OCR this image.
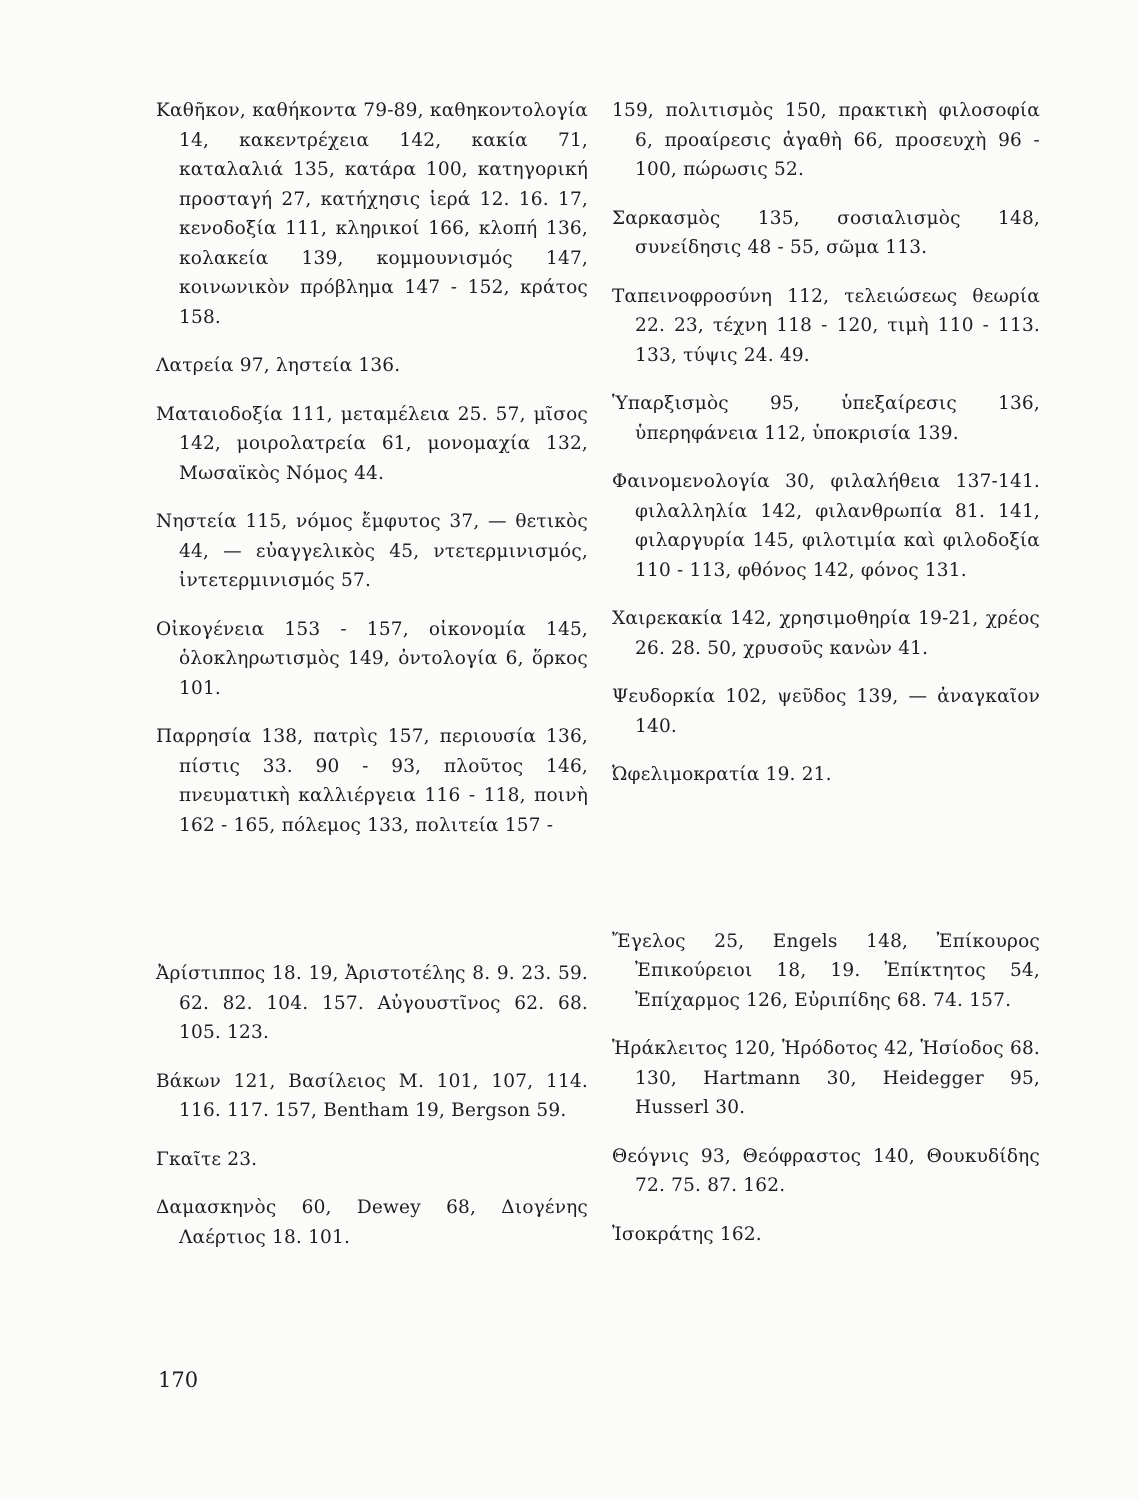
Καθῆκον, καθήκοντα 79-89, καθηκοντολογία 14, κακεντρέχεια 142, κακία 71, καταλαλιά 135, κατάρα 100, κατηγορική προσταγή 27, κατήχησις ἱερά 12. 16. 17, κενοδοξία 111, κληρικοί 166, κλοπή 136, κολακεία 139, κομμουνισμός 147, κοινωνικὸν πρόβλημα 147 - 152, κράτος 158.

Λατρεία 97, ληστεία 136.

Ματαιοδοξία 111, μεταμέλεια 25. 57, μῖσος 142, μοιρολατρεία 61, μονομαχία 132, Μωσαϊκὸς Νόμος 44.

Νηστεία 115, νόμος ἔμφυτος 37, — θετικὸς 44, — εὐαγγελικὸς 45, ντετερμινισμός, ἰντετερμινισμός 57.

Οἰκογένεια 153 - 157, οἰκονομία 145, ὁλοκληρωτισμὸς 149, ὀντολογία 6, ὅρκος 101.

Παρρησία 138, πατρὶς 157, περιουσία 136, πίστις 33. 90 - 93, πλοῦτος 146, πνευματικὴ καλλιέργεια 116 - 118, ποινὴ 162 - 165, πόλεμος 133, πολιτεία 157 -

Ἀρίστιππος 18. 19, Ἀριστοτέλης 8. 9. 23. 59. 62. 82. 104. 157. Αὐγουστῖνος 62. 68. 105. 123.

Βάκων 121, Βασίλειος Μ. 101, 107, 114. 116. 117. 157, Bentham 19, Bergson 59.

Γκαῖτε 23.

Δαμασκηνὸς 60, Dewey 68, Διογένης Λαέρτιος 18. 101.

159, πολιτισμὸς 150, πρακτικὴ φιλοσοφία 6, προαίρεσις ἀγαθὴ 66, προσευχὴ 96 - 100, πώρωσις 52.

Σαρκασμὸς 135, σοσιαλισμὸς 148, συνείδησις 48 - 55, σῶμα 113.

Ταπεινοφροσύνη 112, τελειώσεως θεωρία 22. 23, τέχνη 118 - 120, τιμὴ 110 - 113. 133, τύψις 24. 49.

Ὑπαρξισμὸς 95, ὑπεξαίρεσις 136, ὑπερηφάνεια 112, ὑποκρισία 139.

Φαινομενολογία 30, φιλαλήθεια 137-141. φιλαλληλία 142, φιλανθρωπία 81. 141, φιλαργυρία 145, φιλοτιμία καὶ φιλοδοξία 110 - 113, φθόνος 142, φόνος 131.

Χαιρεκακία 142, χρησιμοθηρία 19-21, χρέος 26. 28. 50, χρυσοῦς κανὼν 41.

Ψευδορκία 102, ψεῦδος 139, — ἀναγκαῖον 140.

Ὠφελιμοκρατία 19. 21.

Ἔγελος 25, Engels 148, Ἐπίκουρος Ἐπικούρειοι 18, 19. Ἐπίκτητος 54, Ἐπίχαρμος 126, Εὐριπίδης 68. 74. 157.

Ἡράκλειτος 120, Ἡρόδοτος 42, Ἡσίοδος 68. 130, Hartmann 30, Heidegger 95, Husserl 30.

Θεόγνις 93, Θεόφραστος 140, Θουκυδίδης 72. 75. 87. 162.

Ἰσοκράτης 162.

170
